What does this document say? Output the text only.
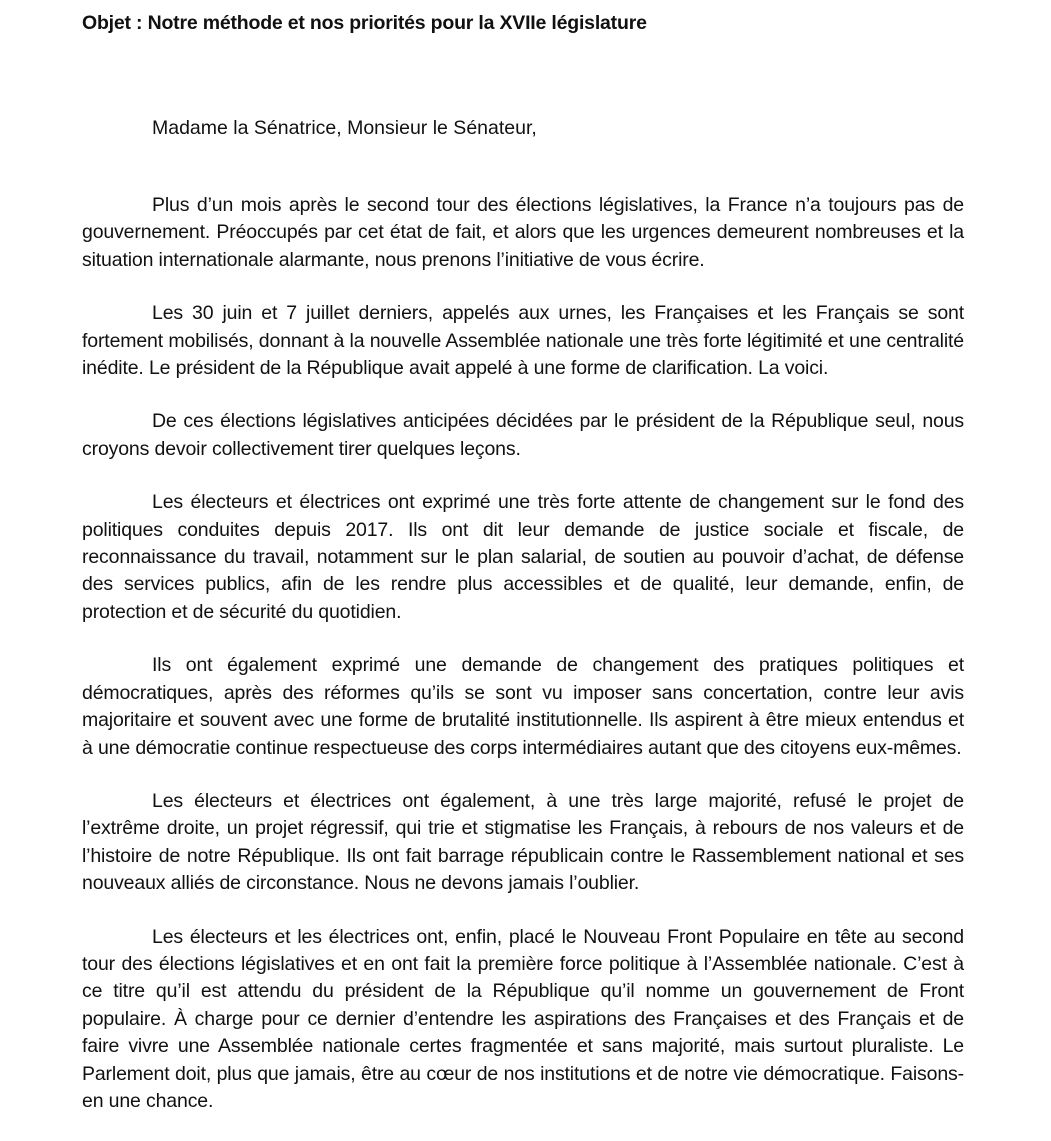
Objet : Notre méthode et nos priorités pour la XVIIe législature
Madame la Sénatrice, Monsieur le Sénateur,

Plus d’un mois après le second tour des élections législatives, la France n’a toujours pas de gouvernement. Préoccupés par cet état de fait, et alors que les urgences demeurent nombreuses et la situation internationale alarmante, nous prenons l’initiative de vous écrire.

Les 30 juin et 7 juillet derniers, appelés aux urnes, les Françaises et les Français se sont fortement mobilisés, donnant à la nouvelle Assemblée nationale une très forte légitimité et une centralité inédite. Le président de la République avait appelé à une forme de clarification. La voici.

De ces élections législatives anticipées décidées par le président de la République seul, nous croyons devoir collectivement tirer quelques leçons.

Les électeurs et électrices ont exprimé une très forte attente de changement sur le fond des politiques conduites depuis 2017. Ils ont dit leur demande de justice sociale et fiscale, de reconnaissance du travail, notamment sur le plan salarial, de soutien au pouvoir d’achat, de défense des services publics, afin de les rendre plus accessibles et de qualité, leur demande, enfin, de protection et de sécurité du quotidien.

Ils ont également exprimé une demande de changement des pratiques politiques et démocratiques, après des réformes qu’ils se sont vu imposer sans concertation, contre leur avis majoritaire et souvent avec une forme de brutalité institutionnelle. Ils aspirent à être mieux entendus et à une démocratie continue respectueuse des corps intermédiaires autant que des citoyens eux-mêmes.

Les électeurs et électrices ont également, à une très large majorité, refusé le projet de l’extrême droite, un projet régressif, qui trie et stigmatise les Français, à rebours de nos valeurs et de l’histoire de notre République. Ils ont fait barrage républicain contre le Rassemblement national et ses nouveaux alliés de circonstance. Nous ne devons jamais l’oublier.

Les électeurs et les électrices ont, enfin, placé le Nouveau Front Populaire en tête au second tour des élections législatives et en ont fait la première force politique à l’Assemblée nationale. C’est à ce titre qu’il est attendu du président de la République qu’il nomme un gouvernement de Front populaire. À charge pour ce dernier d’entendre les aspirations des Françaises et des Français et de faire vivre une Assemblée nationale certes fragmentée et sans majorité, mais surtout pluraliste. Le Parlement doit, plus que jamais, être au cœur de nos institutions et de notre vie démocratique. Faisons-en une chance.
